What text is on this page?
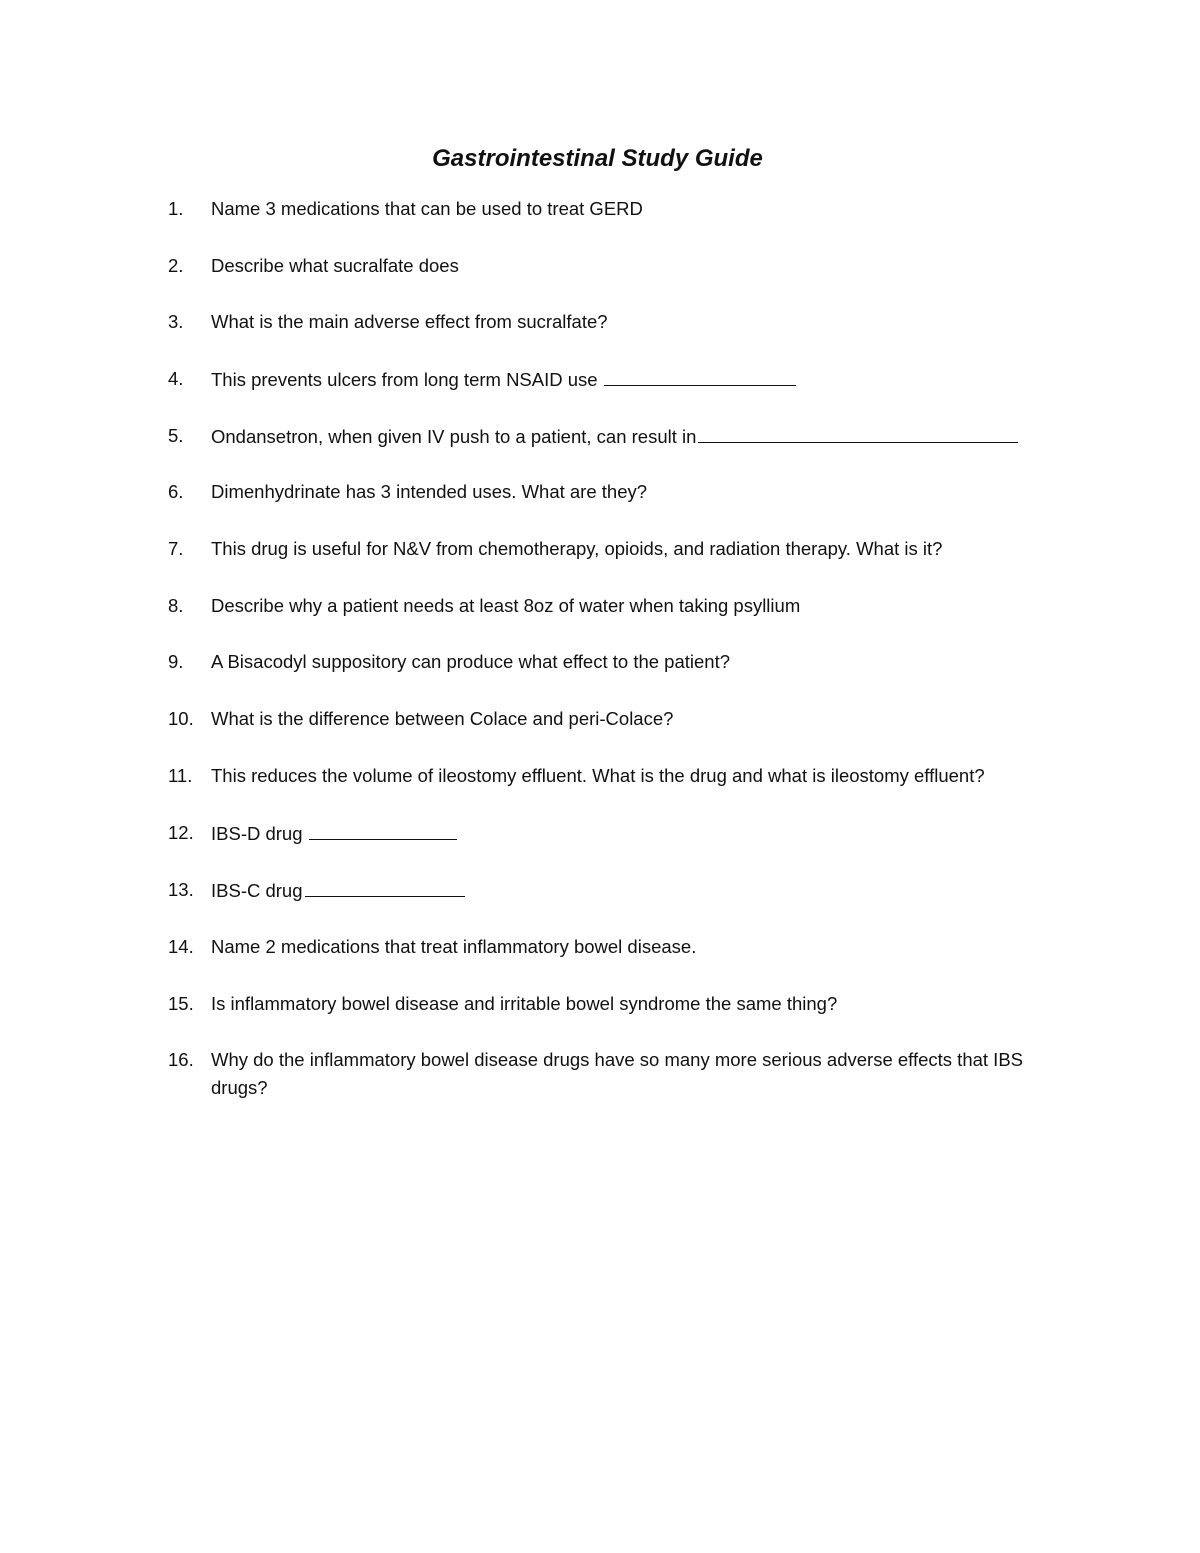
Gastrointestinal Study Guide
1.	Name 3 medications that can be used to treat GERD
2.	Describe what sucralfate does
3.	What is the main adverse effect from sucralfate?
4.	This prevents ulcers from long term NSAID use
5.	Ondansetron, when given IV push to a patient, can result in
6.	Dimenhydrinate has 3 intended uses. What are they?
7.	This drug is useful for N&V from chemotherapy, opioids, and radiation therapy. What is it?
8.	Describe why a patient needs at least 8oz of water when taking psyllium
9.	A Bisacodyl suppository can produce what effect to the patient?
10. What is the difference between Colace and peri-Colace?
11.	This reduces the volume of ileostomy effluent. What is the drug and what is ileostomy effluent?
12. IBS-D drug
13. IBS-C drug
14. Name 2 medications that treat inflammatory bowel disease.
15. Is inflammatory bowel disease and irritable bowel syndrome the same thing?
16. Why do the inflammatory bowel disease drugs have so many more serious adverse effects that IBS drugs?
